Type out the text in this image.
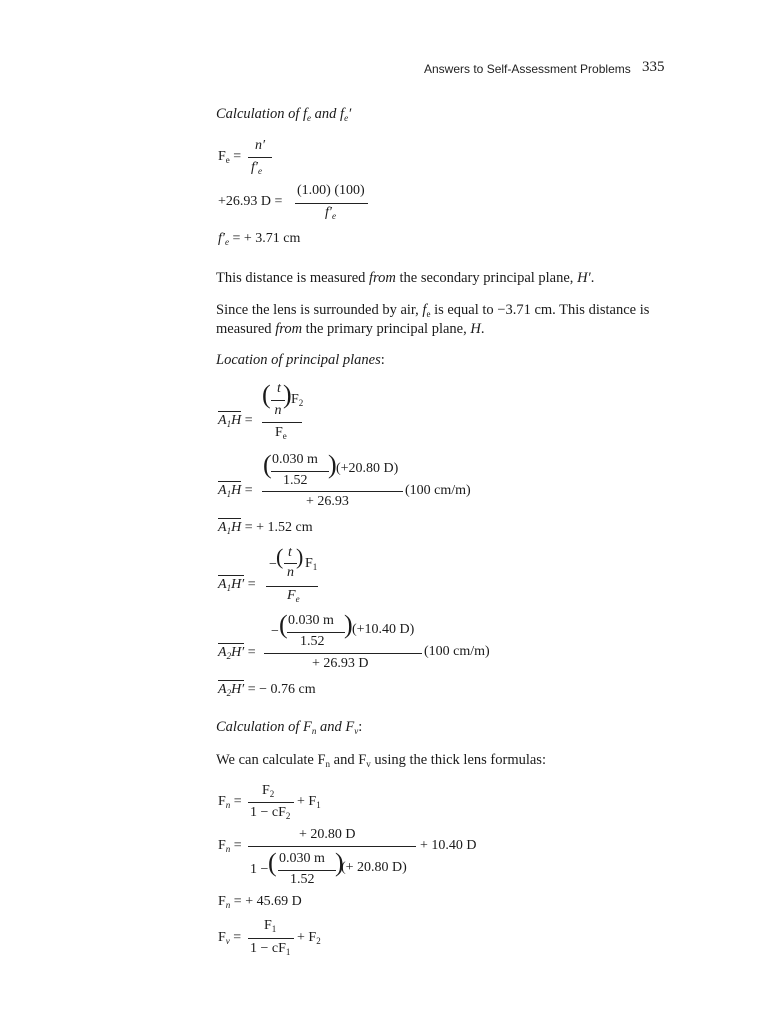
Answers to Self-Assessment Problems 335
Calculation of $f_e$ and $f_e'$
$F_e$ =
n′
$f'_e$
+26.93 D =
(1.00) (100)
$f'_e$
$f'_e$ = + 3.71 cm
This distance is measured from the secondary principal plane, H′.
Since the lens is surrounded by air, $f_e$ is equal to −3.71 cm. This distance is measured from the primary principal plane, H.
Location of principal planes:
$A_1H$ =
( t
n
) $F_2$
$F_e$
$A_1H$ =
( 0.030 m
1.52
) (+20.80 D)
+ 26.93
(100 cm/m)
$A_1H$ = + 1.52 cm
$A_1H'$ =
− ( t
n
) $F_1$
$F_e$
$A_2H'$ =
− ( 0.030 m
1.52
) (+10.40 D)
+ 26.93 D
(100 cm/m)
$A_2H'$ = − 0.76 cm
Calculation of $F_n$ and $F_v$:
We can calculate $F_n$ and $F_v$ using the thick lens formulas:
$F_n$ =
$F_2$
$1 - cF_2$
+ $F_1$
$F_n$ =
+ 20.80 D
1 − ( 0.030 m
1.52
)
(+ 20.80 D)
+ 10.40 D
$F_n$ = + 45.69 D
$F_v$ =
$F_1$
$1 - cF_1$
+ $F_2$
